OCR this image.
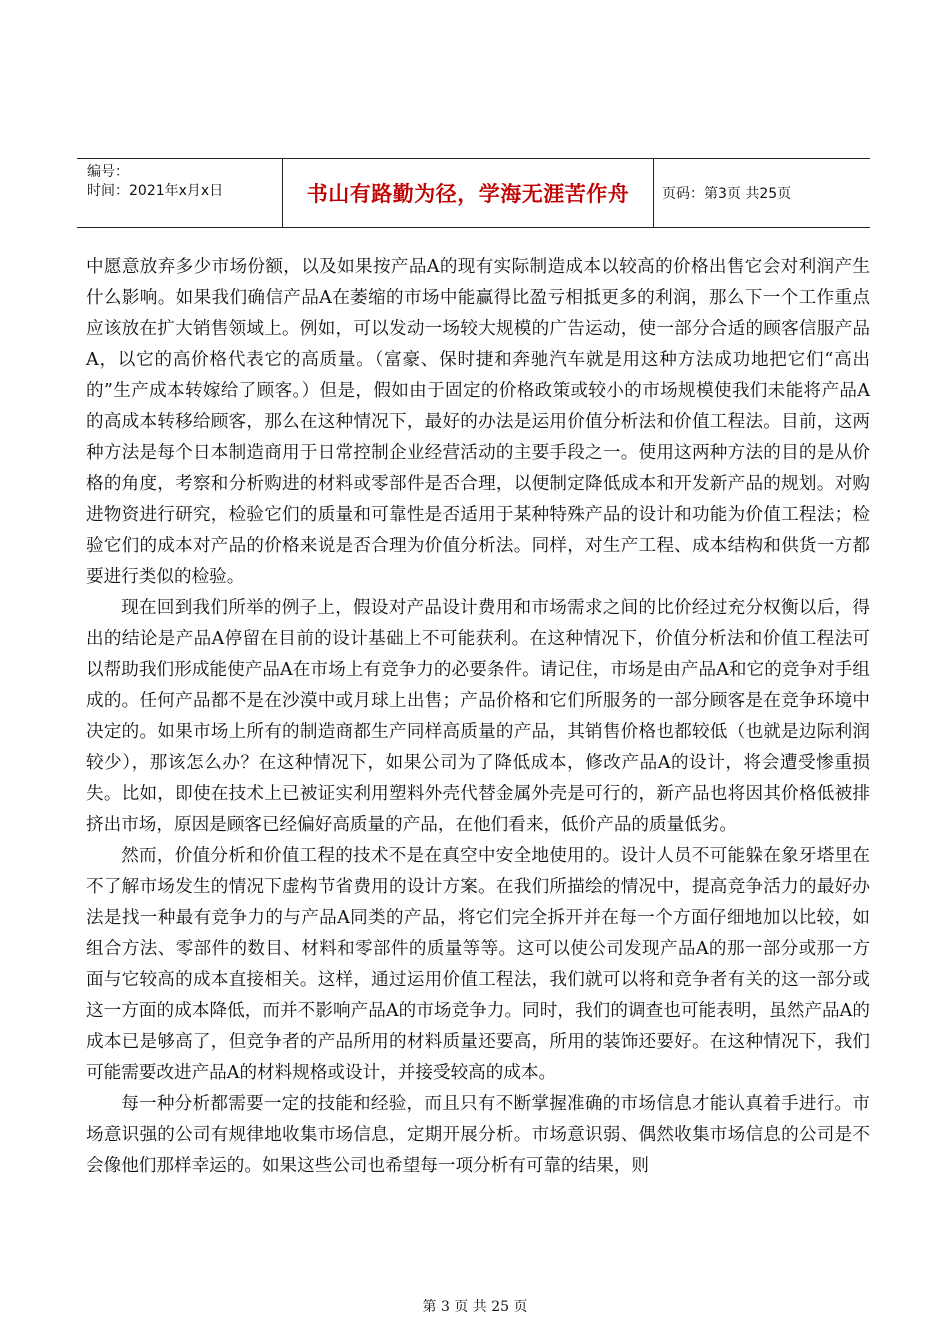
编号：
时间：2021年x月x日	书山有路勤为径，学海无涯苦作舟	页码：第3页 共25页

中愿意放弃多少市场份额，以及如果按产品A的现有实际制造成本以较高的价格出售它会对利润产生什么影响。如果我们确信产品A在萎缩的市场中能赢得比盈亏相抵更多的利润，那么下一个工作重点应该放在扩大销售领域上。例如，可以发动一场较大规模的广告运动，使一部分合适的顾客信服产品A，以它的高价格代表它的高质量。（富豪、保时捷和奔驰汽车就是用这种方法成功地把它们“高出的”生产成本转嫁给了顾客。）但是，假如由于固定的价格政策或较小的市场规模使我们未能将产品A的高成本转移给顾客，那么在这种情况下，最好的办法是运用价值分析法和价值工程法。目前，这两种方法是每个日本制造商用于日常控制企业经营活动的主要手段之一。使用这两种方法的目的是从价格的角度，考察和分析购进的材料或零部件是否合理，以便制定降低成本和开发新产品的规划。对购进物资进行研究，检验它们的质量和可靠性是否适用于某种特殊产品的设计和功能为价值工程法；检验它们的成本对产品的价格来说是否合理为价值分析法。同样，对生产工程、成本结构和供货一方都要进行类似的检验。

现在回到我们所举的例子上，假设对产品设计费用和市场需求之间的比价经过充分权衡以后，得出的结论是产品A停留在目前的设计基础上不可能获利。在这种情况下，价值分析法和价值工程法可以帮助我们形成能使产品A在市场上有竞争力的必要条件。请记住，市场是由产品A和它的竞争对手组成的。任何产品都不是在沙漠中或月球上出售；产品价格和它们所服务的一部分顾客是在竞争环境中决定的。如果市场上所有的制造商都生产同样高质量的产品，其销售价格也都较低（也就是边际利润较少），那该怎么办？在这种情况下，如果公司为了降低成本，修改产品A的设计，将会遭受惨重损失。比如，即使在技术上已被证实利用塑料外壳代替金属外壳是可行的，新产品也将因其价格低被排挤出市场，原因是顾客已经偏好高质量的产品，在他们看来，低价产品的质量低劣。

然而，价值分析和价值工程的技术不是在真空中安全地使用的。设计人员不可能躲在象牙塔里在不了解市场发生的情况下虚构节省费用的设计方案。在我们所描绘的情况中，提高竞争活力的最好办法是找一种最有竞争力的与产品A同类的产品，将它们完全拆开并在每一个方面仔细地加以比较，如组合方法、零部件的数目、材料和零部件的质量等等。这可以使公司发现产品A的那一部分或那一方面与它较高的成本直接相关。这样，通过运用价值工程法，我们就可以将和竞争者有关的这一部分或这一方面的成本降低，而并不影响产品A的市场竞争力。同时，我们的调查也可能表明，虽然产品A的成本已是够高了，但竞争者的产品所用的材料质量还要高，所用的装饰还要好。在这种情况下，我们可能需要改进产品A的材料规格或设计，并接受较高的成本。

每一种分析都需要一定的技能和经验，而且只有不断掌握准确的市场信息才能认真着手进行。市场意识强的公司有规律地收集市场信息，定期开展分析。市场意识弱、偶然收集市场信息的公司是不会像他们那样幸运的。如果这些公司也希望每一项分析有可靠的结果，则

第 3 页 共 25 页
